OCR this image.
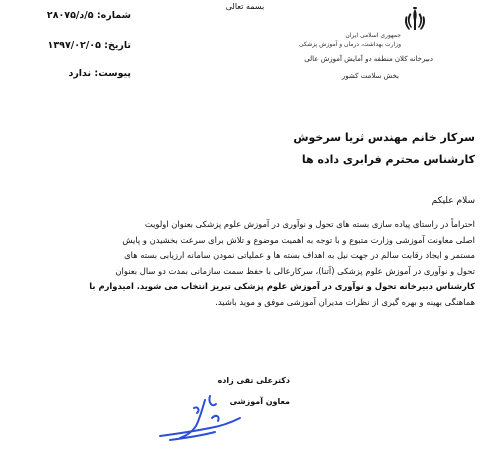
بسمه تعالی
جمهوری اسلامی ایران
وزارت بهداشت، درمان و آموزش پزشکی
دبیرخانه کلان منطقه دو آمایش آموزش عالی
بخش سلامت کشور
شماره: ۵/د/۲۸۰۷۵
تاریخ: ۱۳۹۷/۰۲/۰۵
پیوست: ندارد
سرکار خانم مهندس ثریا سرخوش
کارشناس محترم فرابری داده ها
سلام علیکم
احتراماً در راستای پیاده سازی بسته های تحول و نوآوری در آموزش علوم پزشکی بعنوان اولویت
اصلی معاونت آموزشی وزارت متبوع و با توجه به اهمیت موضوع و تلاش برای سرعت بخشیدن و پایش
مستمر و ایجاد رقابت سالم در جهت نیل به اهداف بسته ها و عملیاتی نمودن سامانه ارزیابی بسته های
تحول و نوآوری در آموزش علوم پزشکی (آتنا)، سرکارعالی با حفظ سمت سازمانی بمدت دو سال بعنوان
کارشناس دبیرخانه تحول و نوآوری در آموزش علوم پزشکی تبریز انتخاب می شوید. امیدوارم با
هماهنگی بهینه و بهره گیری از نظرات مدیران آموزشی موفق و موید باشید.
دکترعلی تقی زاده
معاون آموزشی
